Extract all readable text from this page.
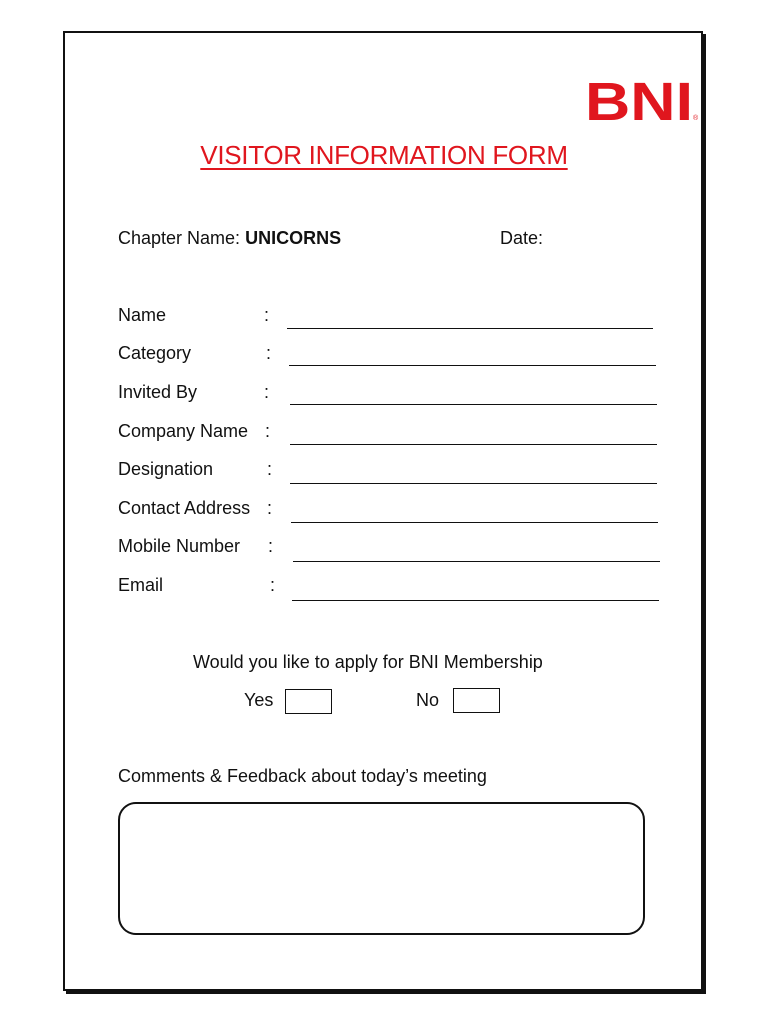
BNI ®
VISITOR INFORMATION FORM
Chapter Name: UNICORNS	Date:
Name	:
Category	:
Invited By	:
Company Name :
Designation	:
Contact Address :
Mobile Number :
Email	:
Would you like to apply for BNI Membership
Yes	No
Comments & Feedback about today’s meeting
